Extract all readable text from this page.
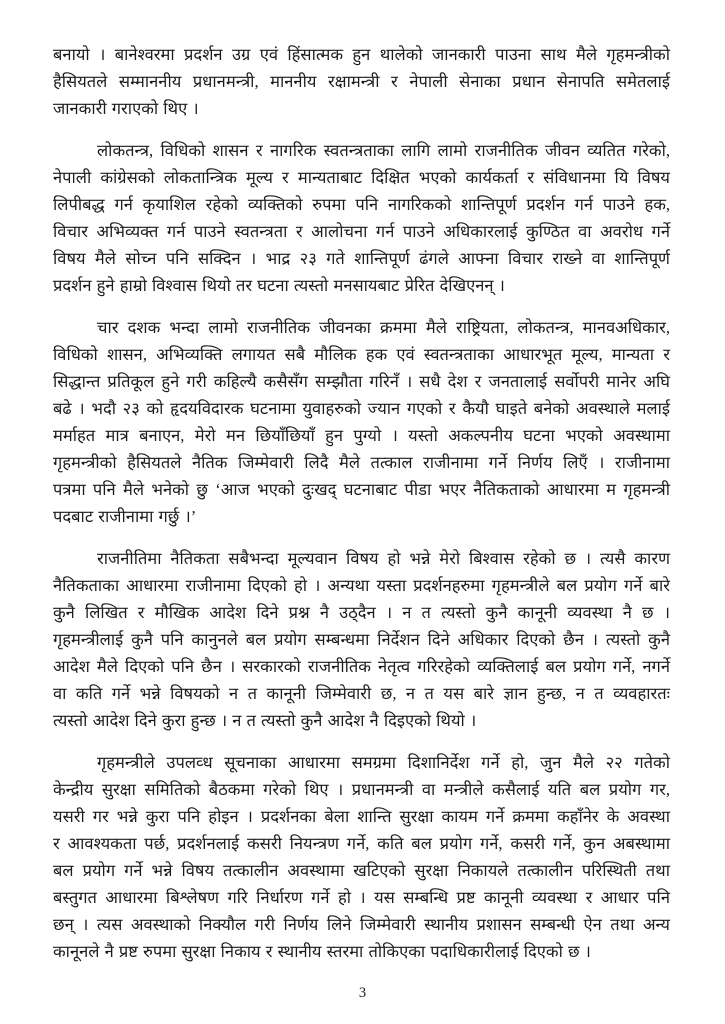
बनायो । बानेश्वरमा प्रदर्शन उग्र एवं हिंसात्मक हुन थालेको जानकारी पाउना साथ मैले गृहमन्त्रीको
हैसियतले सम्माननीय प्रधानमन्त्री, माननीय रक्षामन्त्री र नेपाली सेनाका प्रधान सेनापति समेतलाई
जानकारी गराएको थिए ।
लोकतन्त्र, विधिको शासन र नागरिक स्वतन्त्रताका लागि लामो राजनीतिक जीवन व्यतित गरेको,
नेपाली कांग्रेसको लोकतान्त्रिक मूल्य र मान्यताबाट दिक्षित भएको कार्यकर्ता र संविधानमा यि विषय
लिपीबद्ध गर्न कृयाशिल रहेको व्यक्तिको रुपमा पनि नागरिकको शान्तिपूर्ण प्रदर्शन गर्न पाउने हक,
विचार अभिव्यक्त गर्न पाउने स्वतन्त्रता र आलोचना गर्न पाउने अधिकारलाई कुण्ठित वा अवरोध गर्ने
विषय मैले सोच्न पनि सक्दिन । भाद्र २३ गते शान्तिपूर्ण ढंगले आफ्ना विचार राख्ने वा शान्तिपूर्ण
प्रदर्शन हुने हाम्रो विश्वास थियो तर घटना त्यस्तो मनसायबाट प्रेरित देखिएनन् ।
चार दशक भन्दा लामो राजनीतिक जीवनका क्रममा मैले राष्ट्रियता, लोकतन्त्र, मानवअधिकार,
विधिको शासन, अभिव्यक्ति लगायत सबै मौलिक हक एवं स्वतन्त्रताका आधारभूत मूल्य, मान्यता र
सिद्धान्त प्रतिकूल हुने गरी कहिल्यै कसैसँग सम्झौता गरिनँ । सधै देश र जनतालाई सर्वोपरी मानेर अघि
बढे । भदौ २३ को हृदयविदारक घटनामा युवाहरुको ज्यान गएको र कैयौ घाइते बनेको अवस्थाले मलाई
मर्माहत मात्र बनाएन, मेरो मन छियाँछियाँ हुन पुग्यो । यस्तो अकल्पनीय घटना भएको अवस्थामा
गृहमन्त्रीको हैसियतले नैतिक जिम्मेवारी लिदै मैले तत्काल राजीनामा गर्ने निर्णय लिएँ । राजीनामा
पत्रमा पनि मैले भनेको छु ‘आज भएको दुःखद् घटनाबाट पीडा भएर नैतिकताको आधारमा म गृहमन्त्री
पदबाट राजीनामा गर्छु ।’
राजनीतिमा नैतिकता सबैभन्दा मूल्यवान विषय हो भन्ने मेरो बिश्वास रहेको छ । त्यसै कारण
नैतिकताका आधारमा राजीनामा दिएको हो । अन्यथा यस्ता प्रदर्शनहरुमा गृहमन्त्रीले बल प्रयोग गर्ने बारे
कुनै लिखित र मौखिक आदेश दिने प्रश्न नै उठ्दैन । न त त्यस्तो कुनै कानूनी व्यवस्था नै छ ।
गृहमन्त्रीलाई कुनै पनि कानुनले बल प्रयोग सम्बन्धमा निर्देशन दिने अधिकार दिएको छैन । त्यस्तो कुनै
आदेश मैले दिएको पनि छैन । सरकारको राजनीतिक नेतृत्व गरिरहेको व्यक्तिलाई बल प्रयोग गर्ने, नगर्ने
वा कति गर्ने भन्ने विषयको न त कानूनी जिम्मेवारी छ, न त यस बारे ज्ञान हुन्छ, न त व्यवहारतः
त्यस्तो आदेश दिने कुरा हुन्छ । न त त्यस्तो कुनै आदेश नै दिइएको थियो ।
गृहमन्त्रीले उपलव्ध सूचनाका आधारमा समग्रमा दिशानिर्देश गर्ने हो, जुन मैले २२ गतेको
केन्द्रीय सुरक्षा समितिको बैठकमा गरेको थिए । प्रधानमन्त्री वा मन्त्रीले कसैलाई यति बल प्रयोग गर,
यसरी गर भन्ने कुरा पनि होइन । प्रदर्शनका बेला शान्ति सुरक्षा कायम गर्ने क्रममा कहाँनेर के अवस्था
र आवश्यकता पर्छ, प्रदर्शनलाई कसरी नियन्त्रण गर्ने, कति बल प्रयोग गर्ने, कसरी गर्ने, कुन अबस्थामा
बल प्रयोग गर्ने भन्ने विषय तत्कालीन अवस्थामा खटिएको सुरक्षा निकायले तत्कालीन परिस्थिती तथा
बस्तुगत आधारमा बिश्लेषण गरि निर्धारण गर्ने हो । यस सम्बन्धि प्रष्ट कानूनी व्यवस्था र आधार पनि
छन् । त्यस अवस्थाको निक्यौल गरी निर्णय लिने जिम्मेवारी स्थानीय प्रशासन सम्बन्धी ऐन तथा अन्य
कानूनले नै प्रष्ट रुपमा सुरक्षा निकाय र स्थानीय स्तरमा तोकिएका पदाधिकारीलाई दिएको छ ।
3
